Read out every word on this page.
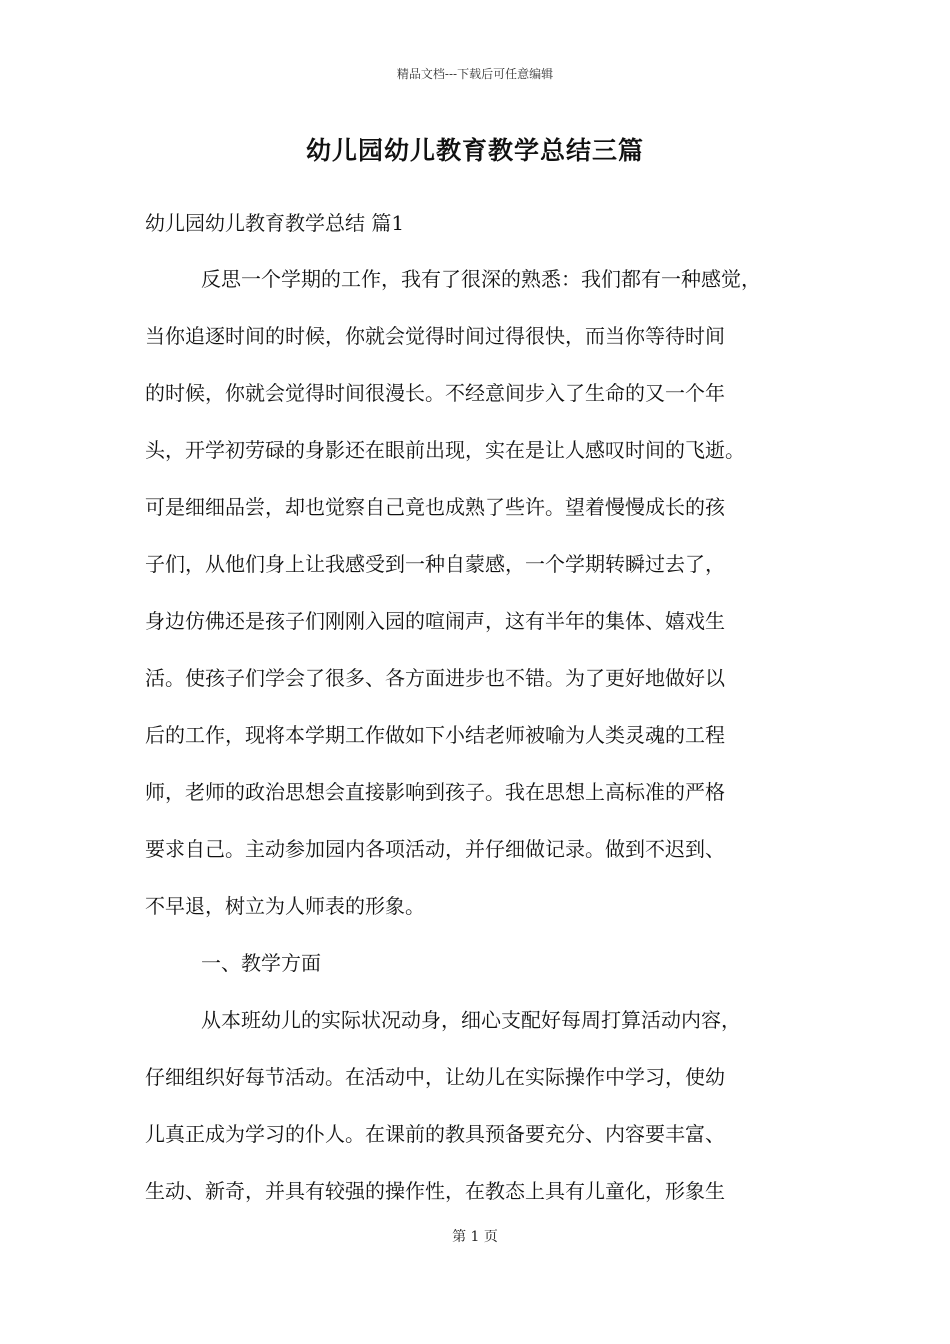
精品文档---下载后可任意编辑
幼儿园幼儿教育教学总结三篇
幼儿园幼儿教育教学总结 篇1
反思一个学期的工作，我有了很深的熟悉：我们都有一种感觉，
当你追逐时间的时候，你就会觉得时间过得很快，而当你等待时间
的时候，你就会觉得时间很漫长。不经意间步入了生命的又一个年
头，开学初劳碌的身影还在眼前出现，实在是让人感叹时间的飞逝。
可是细细品尝，却也觉察自己竟也成熟了些许。望着慢慢成长的孩
子们，从他们身上让我感受到一种自蒙感，一个学期转瞬过去了，
身边仿佛还是孩子们刚刚入园的喧闹声，这有半年的集体、嬉戏生
活。使孩子们学会了很多、各方面进步也不错。为了更好地做好以
后的工作，现将本学期工作做如下小结老师被喻为人类灵魂的工程
师，老师的政治思想会直接影响到孩子。我在思想上高标准的严格
要求自己。主动参加园内各项活动，并仔细做记录。做到不迟到、
不早退，树立为人师表的形象。
一、教学方面
从本班幼儿的实际状况动身，细心支配好每周打算活动内容，
仔细组织好每节活动。在活动中，让幼儿在实际操作中学习，使幼
儿真正成为学习的仆人。在课前的教具预备要充分、内容要丰富、
生动、新奇，并具有较强的操作性，在教态上具有儿童化，形象生
第 1 页
